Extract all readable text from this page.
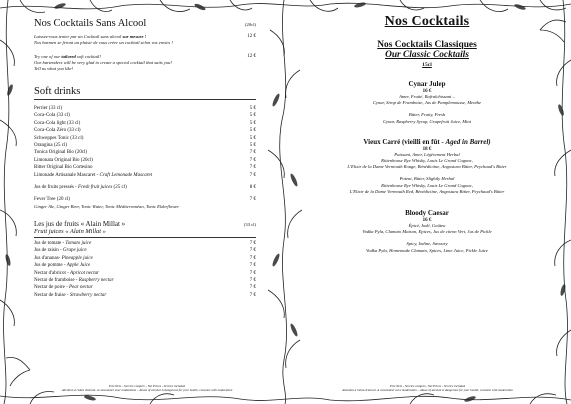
Nos Cocktails Sans Alcool	(20cl)
Laissez-vous tenter par un Cocktail sans alcool sur mesure !
Nos barmen se feront un plaisir de vous créer un cocktail selon vos envies !
12 €
Try one of our tailored soft cocktail!
Our bartenders will be very glad to create a special cocktail that suits you!
Tell us what you like!
12 €
Soft drinks
Perrier (33 cl)	5 €
Coca-Cola (33 cl)	5 €
Coca-Cola light (33 cl)	5 €
Coca-Cola Zéro (33 cl)	5 €
Schweppes Tonic (33 cl)	5 €
Orangina (25 cl)	5 €
Tonica Original Bio (20cl)	7 €
Limonata Original Bio (20cl)	7 €
Bitter Original Bio Cortesino	7 €
Limonade Artisanale Mascaret - Craft Lemonade Mascaret	7 €
Jus de fruits pressés - Fresh fruit juices (25 cl)	8 €
Fever Tree (20 cl)	7 €
Ginger Ale, Ginger Beer, Tonic Water, Tonic Méditerranéan, Tonic Elderflower
Les jus de fruits « Alain Millat »	(33 cl)
Fruit juices « Alain Millat »
Jus de tomate - Tomato juice	7 €
Jus de raisin - Grape juice	7 €
Jus d'ananas- Pineapple juice	7 €
Jus de pomme - Apple Juice	7 €
Nectar d'abricot - Apricot nectar	7 €
Nectar de framboise - Raspberry nectar	7 €
Nectar de poire - Pear nectar	7 €
Nectar de fraise - Strawberry nectar	7 €
Prix Nets – Service compris – Net Prices - Service included
Attention à l'abus d'alcool. A consommer avec modération – Abuse of alcohol is dangerous for your health, consume with moderation
Nos Cocktails
Nos Cocktails Classiques
Our Classic Cocktails
15cl
Cynar Julep
16 €
Amer, Fruité, Rafraîchissant –
Cynar, Sirop de Framboise, Jus de Pamplemousse, Menthe
Bitter, Fruity, Fresh
Cynar, Raspberry Syrup, Grapefruit Juice, Mint
Vieux Carré (vieilli en fût - Aged in Barrel)
18 €
Puissant, Amer, Légèrement Herbal
Rittenhouse Rye Whisky, Louis Le Grand Cognac,
L'Elixir de la Dame Vermouth Rouge, Bénédictine, Angostura Bitter, Peychaud's Bitter
Potent, Bitter, Slightly Herbal
Rittenhouse Rye Whisky, Louis Le Grand Cognac,
L'Elixir de la Dame Vermouth Red, Bénédictine, Angostura Bitter, Peychaud's Bitter
Bloody Caesar
16 €
Épicé, Iodé, Goûteu
Vodka Pyla, Clamato Maison, Epices, Jus de citron Vert, Jus de Pickle
Spicy, Iodine, Savoury
Vodka Pyla, Homemade Clamato, Spices, Lime Juice, Pickle Juice
Prix Nets – Service compris– Net Prices - Service included
Attention à l'abus d'alcool. A consommer avec modération – Abuse of alcohol is dangerous for your health, consume with moderation
